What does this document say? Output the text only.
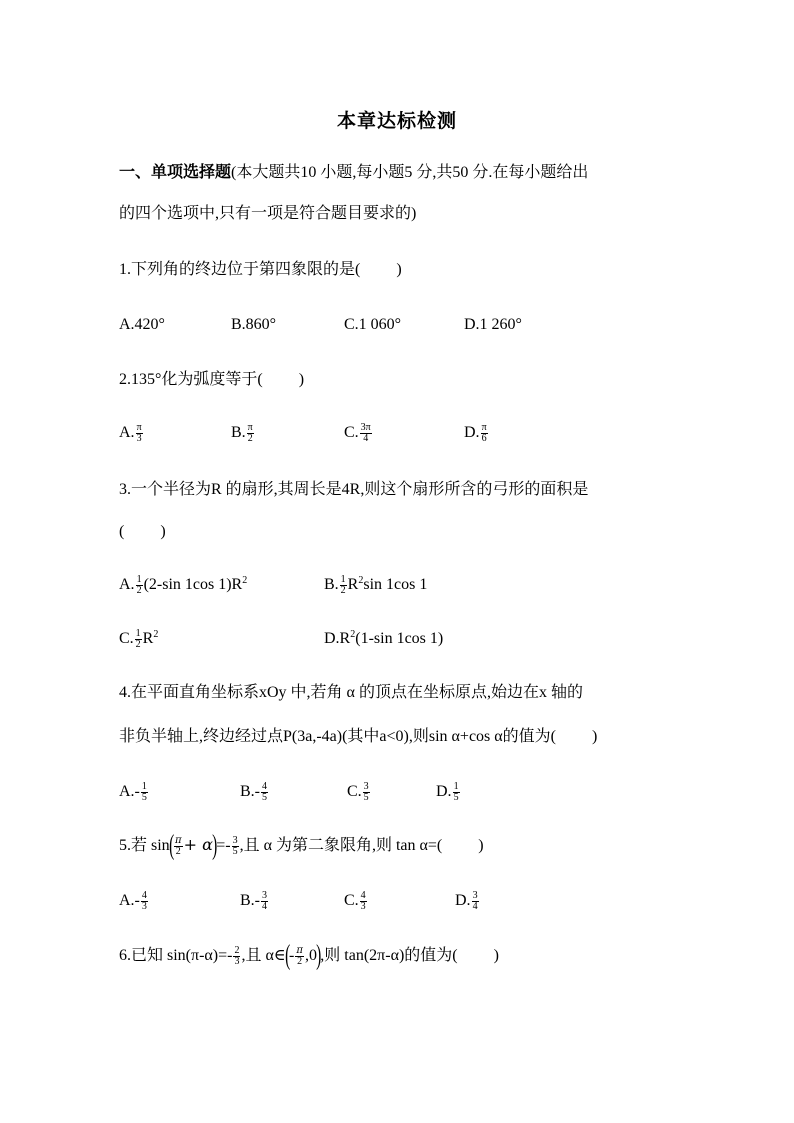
本章达标检测
一、单项选择题(本大题共10 小题,每小题5 分,共50 分.在每小题给出
的四个选项中,只有一项是符合题目要求的)
1.下列角的终边位于第四象限的是( )
A.420°	B.860°	C.1 060°	D.1 260°
2.135°化为弧度等于( )
A. $\frac{\pi}{3}$	B. $\frac{\pi}{2}$	C. $\frac{3\pi}{4}$	D. $\frac{\pi}{6}$
3.一个半径为R 的扇形,其周长是4R,则这个扇形所含的弓形的面积是
( )
A. $\frac{1}{2} (2-\sin$ 1cos $1)R^2$	B. $\frac{1}{2} R^2\sin$ 1cos 1
C. $\frac{1}{2} R^2$	$D.R^2(1-\sin$ 1cos 1)
4.在平面直角坐标系xOy 中,若角 α 的顶点在坐标原点,始边在x 轴的
非负半轴上,终边经过点P(3a,-4a)(其中a<0),则sin α+cos α的值为( )
$A.- \frac{1}{5}$	$B.- \frac{4}{5}$	C. $\frac{3}{5}$	D. $\frac{1}{5}$
5.若 $\sin( \frac{\pi}{2} + \alpha)=- \frac{3}{5}$ ,且 α 为第二象限角,则 tan α=( )
$A.- \frac{4}{3}$	$B.- \frac{3}{4}$	C. $\frac{4}{3}$	D. $\frac{3}{4}$
6.已知 $\sin(\pi-\alpha)=- \frac{2}{3}$ ,且 α∈(- $\frac{\pi}{2} ,0$),则 tan(2π-α)的值为( )
